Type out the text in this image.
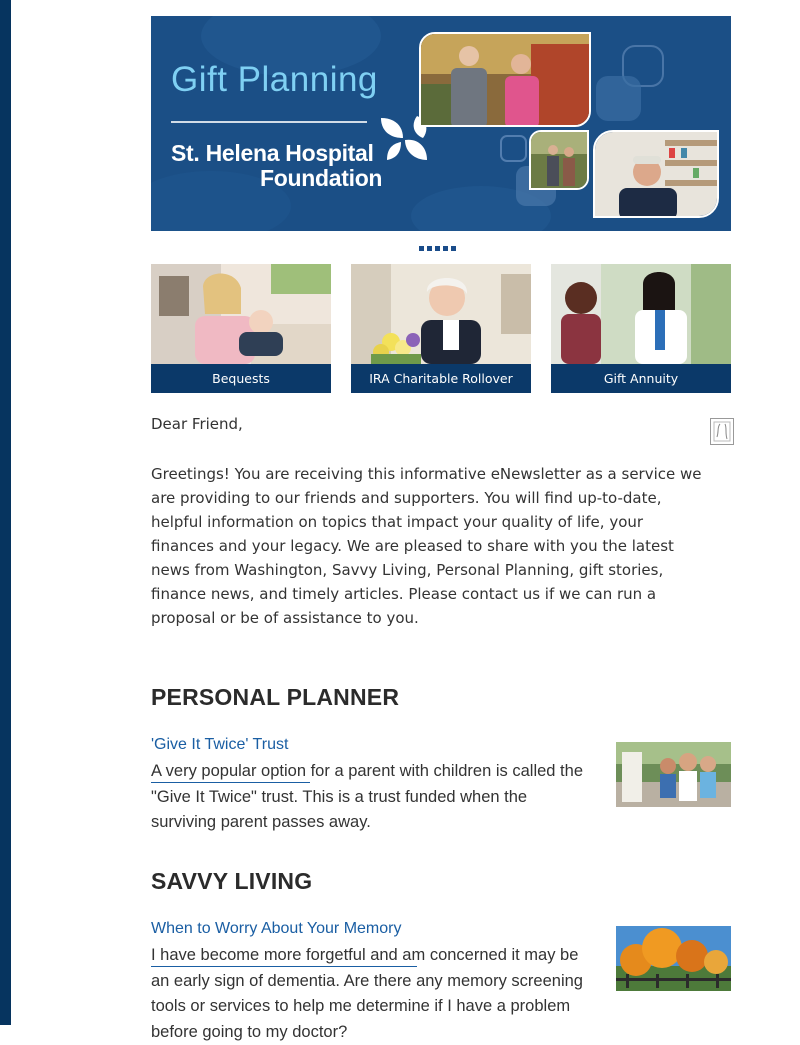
Gift Planning
St. Helena Hospital
Foundation
Bequests	IRA Charitable Rollover	Gift Annuity
Dear Friend,
Greetings! You are receiving this informative eNewsletter as a service we are providing to our friends and supporters. You will find up-to-date, helpful information on topics that impact your quality of life, your finances and your legacy. We are pleased to share with you the latest news from Washington, Savvy Living, Personal Planning, gift stories, finance news, and timely articles. Please contact us if we can run a proposal or be of assistance to you.
PERSONAL PLANNER
'Give It Twice' Trust
A very popular option for a parent with children is called the "Give It Twice" trust. This is a trust funded when the surviving parent passes away.
SAVVY LIVING
When to Worry About Your Memory
I have become more forgetful and am concerned it may be an early sign of dementia. Are there any memory screening tools or services to help me determine if I have a problem before going to my doctor?
